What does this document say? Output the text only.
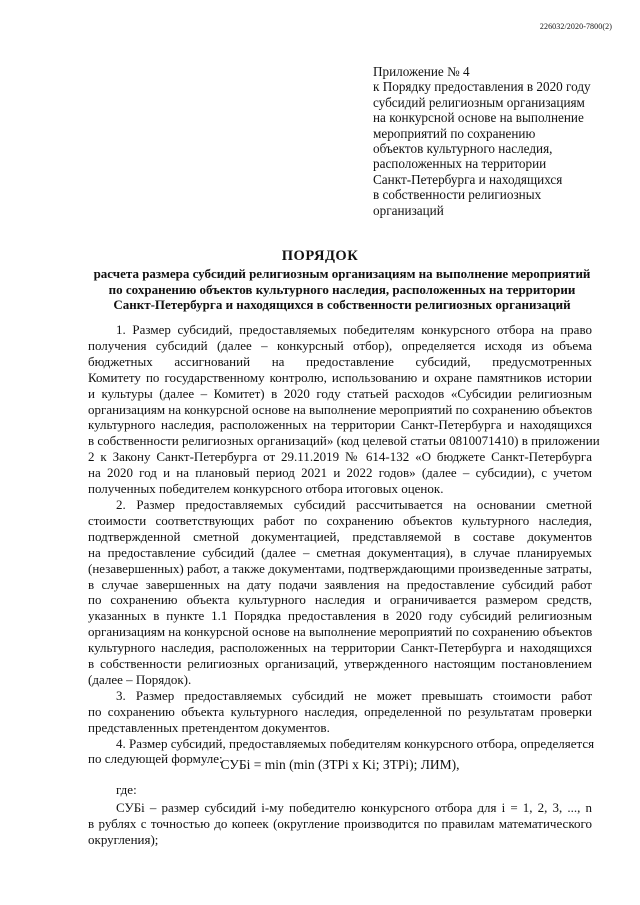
226032/2020-7800(2)
Приложение № 4
к Порядку предоставления в 2020 году
субсидий религиозным организациям
на конкурсной основе на выполнение
мероприятий по сохранению
объектов культурного наследия,
расположенных на территории
Санкт-Петербурга и находящихся
в собственности религиозных
организаций
ПОРЯДОК
расчета размера субсидий религиозным организациям на выполнение мероприятий
по сохранению объектов культурного наследия, расположенных на территории
Санкт-Петербурга и находящихся в собственности религиозных организаций
1. Размер субсидий, предоставляемых победителям конкурсного отбора на право
получения субсидий (далее – конкурсный отбор), определяется исходя из объема
бюджетных ассигнований на предоставление субсидий, предусмотренных
Комитету по государственному контролю, использованию и охране памятников истории
и культуры (далее – Комитет) в 2020 году статьей расходов «Субсидии религиозным
организациям на конкурсной основе на выполнение мероприятий по сохранению объектов
культурного наследия, расположенных на территории Санкт-Петербурга и находящихся
в собственности религиозных организаций» (код целевой статьи 0810071410) в приложении
2 к Закону Санкт-Петербурга от 29.11.2019 № 614-132 «О бюджете Санкт-Петербурга
на 2020 год и на плановый период 2021 и 2022 годов» (далее – субсидии), с учетом
полученных победителем конкурсного отбора итоговых оценок.
2. Размер предоставляемых субсидий рассчитывается на основании сметной
стоимости соответствующих работ по сохранению объектов культурного наследия,
подтвержденной сметной документацией, представляемой в составе документов
на предоставление субсидий (далее – сметная документация), в случае планируемых
(незавершенных) работ, а также документами, подтверждающими произведенные затраты,
в случае завершенных на дату подачи заявления на предоставление субсидий работ
по сохранению объекта культурного наследия и ограничивается размером средств,
указанных в пункте 1.1 Порядка предоставления в 2020 году субсидий религиозным
организациям на конкурсной основе на выполнение мероприятий по сохранению объектов
культурного наследия, расположенных на территории Санкт-Петербурга и находящихся
в собственности религиозных организаций, утвержденного настоящим постановлением
(далее – Порядок).
3. Размер предоставляемых субсидий не может превышать стоимости работ
по сохранению объекта культурного наследия, определенной по результатам проверки
представленных претендентом документов.
4. Размер субсидий, предоставляемых победителям конкурсного отбора, определяется
по следующей формуле:
СУБi = min (min (ЗТРi x Ki; ЗТРi); ЛИМ),
где:
СУБi – размер субсидий i-му победителю конкурсного отбора для i = 1, 2, 3, ..., n
в рублях с точностью до копеек (округление производится по правилам математического
округления);
